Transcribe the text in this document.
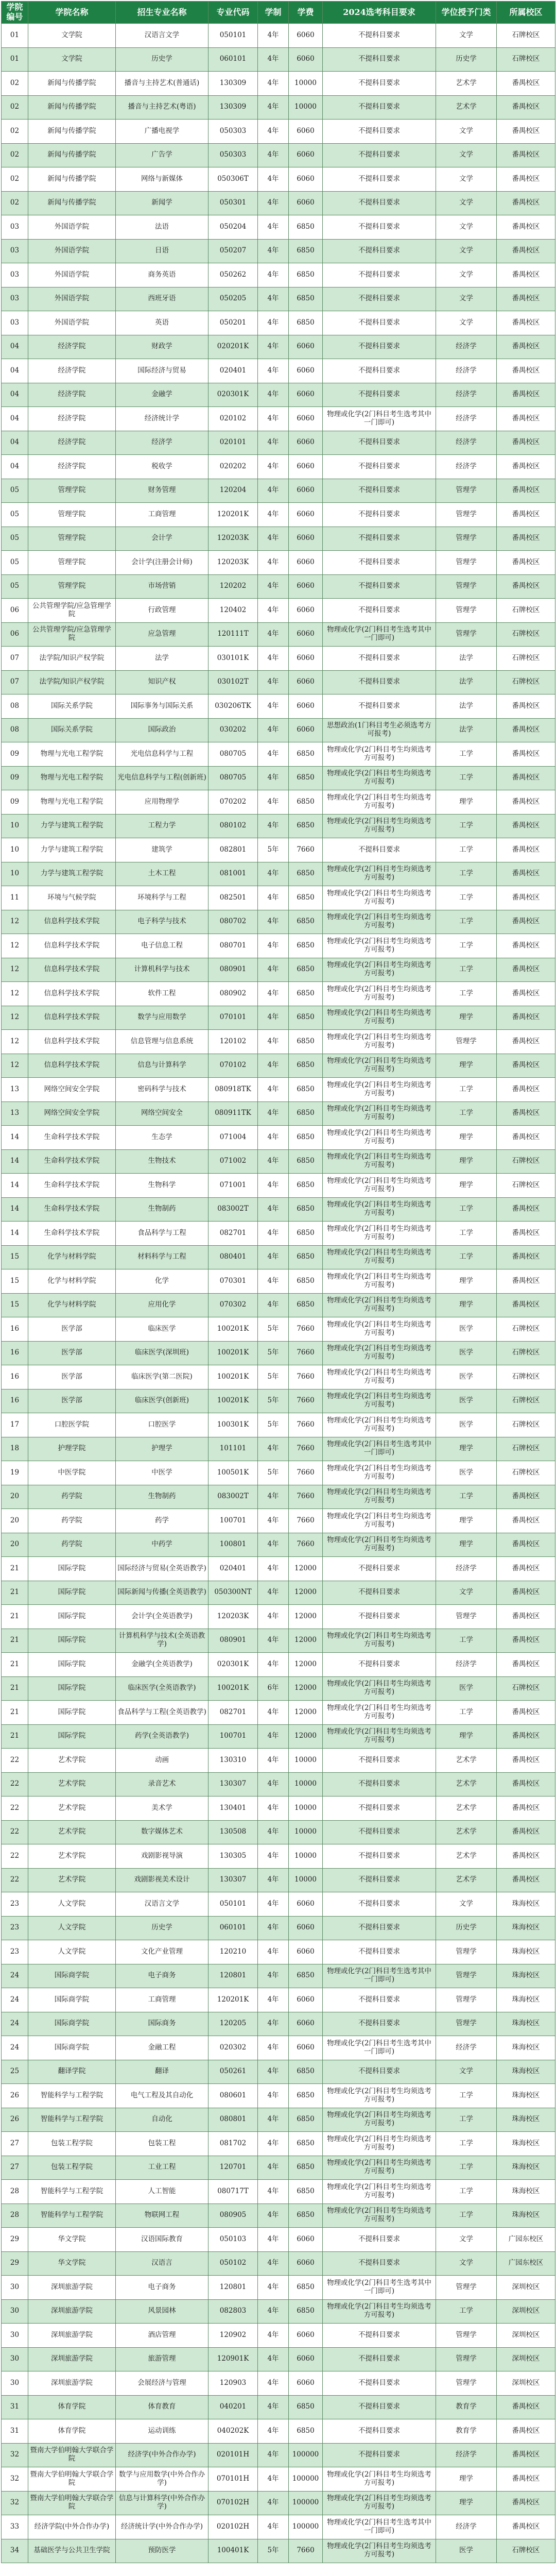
学院编号	学院名称	招生专业名称	专业代码	学制	学费	2024选考科目要求	学位授予门类	所属校区
01	文学院	汉语言文学	050101	4年	6060	不提科目要求	文学	石牌校区
01	文学院	历史学	060101	4年	6060	不提科目要求	历史学	石牌校区
02	新闻与传播学院	播音与主持艺术(普通话)	130309	4年	10000	不提科目要求	艺术学	番禺校区
02	新闻与传播学院	播音与主持艺术(粤语)	130309	4年	10000	不提科目要求	艺术学	番禺校区
02	新闻与传播学院	广播电视学	050303	4年	6060	不提科目要求	文学	番禺校区
02	新闻与传播学院	广告学	050303	4年	6060	不提科目要求	文学	番禺校区
02	新闻与传播学院	网络与新媒体	050306T	4年	6060	不提科目要求	文学	番禺校区
02	新闻与传播学院	新闻学	050301	4年	6060	不提科目要求	文学	番禺校区
03	外国语学院	法语	050204	4年	6850	不提科目要求	文学	番禺校区
03	外国语学院	日语	050207	4年	6850	不提科目要求	文学	番禺校区
03	外国语学院	商务英语	050262	4年	6850	不提科目要求	文学	番禺校区
03	外国语学院	西班牙语	050205	4年	6850	不提科目要求	文学	番禺校区
03	外国语学院	英语	050201	4年	6850	不提科目要求	文学	番禺校区
04	经济学院	财政学	020201K	4年	6060	不提科目要求	经济学	番禺校区
04	经济学院	国际经济与贸易	020401	4年	6060	不提科目要求	经济学	番禺校区
04	经济学院	金融学	020301K	4年	6060	不提科目要求	经济学	番禺校区
04	经济学院	经济统计学	020102	4年	6060	物理或化学(2门科目考生选考其中一门即可)	经济学	番禺校区
04	经济学院	经济学	020101	4年	6060	不提科目要求	经济学	番禺校区
04	经济学院	税收学	020202	4年	6060	不提科目要求	经济学	番禺校区
05	管理学院	财务管理	120204	4年	6060	不提科目要求	管理学	番禺校区
05	管理学院	工商管理	120201K	4年	6060	不提科目要求	管理学	番禺校区
05	管理学院	会计学	120203K	4年	6060	不提科目要求	管理学	番禺校区
05	管理学院	会计学(注册会计师)	120203K	4年	6060	不提科目要求	管理学	番禺校区
05	管理学院	市场营销	120202	4年	6060	不提科目要求	管理学	番禺校区
06	公共管理学院/应急管理学院	行政管理	120402	4年	6060	不提科目要求	管理学	石牌校区
06	公共管理学院/应急管理学院	应急管理	120111T	4年	6060	物理或化学(2门科目考生选考其中一门即可)	管理学	石牌校区
07	法学院/知识产权学院	法学	030101K	4年	6060	不提科目要求	法学	石牌校区
07	法学院/知识产权学院	知识产权	030102T	4年	6060	不提科目要求	法学	石牌校区
08	国际关系学院	国际事务与国际关系	030206TK	4年	6060	不提科目要求	法学	番禺校区
08	国际关系学院	国际政治	030202	4年	6060	思想政治(1门科目考生必须选考方可报考)	法学	番禺校区
09	物理与光电工程学院	光电信息科学与工程	080705	4年	6850	物理或化学(2门科目考生均须选考方可报考)	工学	番禺校区
09	物理与光电工程学院	光电信息科学与工程(创新班)	080705	4年	6850	物理或化学(2门科目考生均须选考方可报考)	工学	番禺校区
09	物理与光电工程学院	应用物理学	070202	4年	6850	物理或化学(2门科目考生均须选考方可报考)	理学	番禺校区
10	力学与建筑工程学院	工程力学	080102	4年	6850	物理或化学(2门科目考生均须选考方可报考)	工学	番禺校区
10	力学与建筑工程学院	建筑学	082801	5年	7660	不提科目要求	工学	番禺校区
10	力学与建筑工程学院	土木工程	081001	4年	6850	物理或化学(2门科目考生均须选考方可报考)	工学	番禺校区
11	环境与气候学院	环境科学与工程	082501	4年	6850	物理或化学(2门科目考生均须选考方可报考)	工学	番禺校区
12	信息科学技术学院	电子科学与技术	080702	4年	6850	物理或化学(2门科目考生均须选考方可报考)	工学	番禺校区
12	信息科学技术学院	电子信息工程	080701	4年	6850	物理或化学(2门科目考生均须选考方可报考)	工学	番禺校区
12	信息科学技术学院	计算机科学与技术	080901	4年	6850	物理或化学(2门科目考生均须选考方可报考)	工学	番禺校区
12	信息科学技术学院	软件工程	080902	4年	6850	物理或化学(2门科目考生均须选考方可报考)	工学	番禺校区
12	信息科学技术学院	数学与应用数学	070101	4年	6850	物理或化学(2门科目考生均须选考方可报考)	理学	番禺校区
12	信息科学技术学院	信息管理与信息系统	120102	4年	6850	物理或化学(2门科目考生均须选考方可报考)	管理学	番禺校区
12	信息科学技术学院	信息与计算科学	070102	4年	6850	物理或化学(2门科目考生均须选考方可报考)	理学	番禺校区
13	网络空间安全学院	密码科学与技术	080918TK	4年	6850	物理或化学(2门科目考生均须选考方可报考)	工学	番禺校区
13	网络空间安全学院	网络空间安全	080911TK	4年	6850	物理或化学(2门科目考生均须选考方可报考)	工学	番禺校区
14	生命科学技术学院	生态学	071004	4年	6850	物理或化学(2门科目考生均须选考方可报考)	理学	番禺校区
14	生命科学技术学院	生物技术	071002	4年	6850	物理或化学(2门科目考生均须选考方可报考)	理学	石牌校区
14	生命科学技术学院	生物科学	071001	4年	6850	物理或化学(2门科目考生均须选考方可报考)	理学	石牌校区
14	生命科学技术学院	生物制药	083002T	4年	6850	物理或化学(2门科目考生均须选考方可报考)	工学	番禺校区
14	生命科学技术学院	食品科学与工程	082701	4年	6850	物理或化学(2门科目考生均须选考方可报考)	工学	番禺校区
15	化学与材料学院	材料科学与工程	080401	4年	6850	物理或化学(2门科目考生均须选考方可报考)	工学	番禺校区
15	化学与材料学院	化学	070301	4年	6850	物理或化学(2门科目考生均须选考方可报考)	理学	番禺校区
15	化学与材料学院	应用化学	070302	4年	6850	物理或化学(2门科目考生均须选考方可报考)	理学	番禺校区
16	医学部	临床医学	100201K	5年	7660	物理或化学(2门科目考生均须选考方可报考)	医学	石牌校区
16	医学部	临床医学(深圳班)	100201K	5年	7660	物理或化学(2门科目考生均须选考方可报考)	医学	石牌校区
16	医学部	临床医学(第二医院)	100201K	5年	7660	物理或化学(2门科目考生均须选考方可报考)	医学	石牌校区
16	医学部	临床医学(创新班)	100201K	5年	7660	物理或化学(2门科目考生均须选考方可报考)	医学	石牌校区
17	口腔医学院	口腔医学	100301K	5年	7660	物理或化学(2门科目考生均须选考方可报考)	医学	石牌校区
18	护理学院	护理学	101101	4年	7660	物理或化学(2门科目考生选考其中一门即可)	理学	石牌校区
19	中医学院	中医学	100501K	5年	7660	物理或化学(2门科目考生均须选考方可报考)	医学	石牌校区
20	药学院	生物制药	083002T	4年	7660	物理或化学(2门科目考生均须选考方可报考)	工学	番禺校区
20	药学院	药学	100701	4年	7660	物理或化学(2门科目考生均须选考方可报考)	理学	番禺校区
20	药学院	中药学	100801	4年	7660	物理或化学(2门科目考生均须选考方可报考)	理学	番禺校区
21	国际学院	国际经济与贸易(全英语教学)	020401	4年	12000	不提科目要求	经济学	番禺校区
21	国际学院	国际新闻与传播(全英语教学)	050300NT	4年	12000	不提科目要求	文学	番禺校区
21	国际学院	会计学(全英语教学)	120203K	4年	12000	不提科目要求	管理学	番禺校区
21	国际学院	计算机科学与技术(全英语教学)	080901	4年	12000	物理或化学(2门科目考生均须选考方可报考)	工学	番禺校区
21	国际学院	金融学(全英语教学)	020301K	4年	12000	不提科目要求	经济学	番禺校区
21	国际学院	临床医学(全英语教学)	100201K	6年	12000	物理或化学(2门科目考生均须选考方可报考)	医学	石牌校区
21	国际学院	食品科学与工程(全英语教学)	082701	4年	12000	物理或化学(2门科目考生均须选考方可报考)	工学	番禺校区
21	国际学院	药学(全英语教学)	100701	4年	12000	物理或化学(2门科目考生均须选考方可报考)	理学	番禺校区
22	艺术学院	动画	130310	4年	10000	不提科目要求	艺术学	番禺校区
22	艺术学院	录音艺术	130307	4年	10000	不提科目要求	艺术学	番禺校区
22	艺术学院	美术学	130401	4年	10000	不提科目要求	艺术学	番禺校区
22	艺术学院	数字媒体艺术	130508	4年	10000	不提科目要求	艺术学	番禺校区
22	艺术学院	戏剧影视导演	130305	4年	10000	不提科目要求	艺术学	番禺校区
22	艺术学院	戏剧影视美术设计	130307	4年	10000	不提科目要求	艺术学	番禺校区
23	人文学院	汉语言文学	050101	4年	6060	不提科目要求	文学	珠海校区
23	人文学院	历史学	060101	4年	6060	不提科目要求	历史学	珠海校区
23	人文学院	文化产业管理	120210	4年	6060	不提科目要求	管理学	珠海校区
24	国际商学院	电子商务	120801	4年	6850	物理或化学(2门科目考生选考其中一门即可)	管理学	珠海校区
24	国际商学院	工商管理	120201K	4年	6060	不提科目要求	管理学	珠海校区
24	国际商学院	国际商务	120205	4年	6060	不提科目要求	管理学	珠海校区
24	国际商学院	金融工程	020302	4年	6060	物理或化学(2门科目考生选考其中一门即可)	经济学	珠海校区
25	翻译学院	翻译	050261	4年	6850	不提科目要求	文学	珠海校区
26	智能科学与工程学院	电气工程及其自动化	080601	4年	6850	物理或化学(2门科目考生均须选考方可报考)	工学	珠海校区
26	智能科学与工程学院	自动化	080801	4年	6850	物理或化学(2门科目考生均须选考方可报考)	工学	珠海校区
27	包装工程学院	包装工程	081702	4年	6850	物理或化学(2门科目考生均须选考方可报考)	工学	珠海校区
27	包装工程学院	工业工程	120701	4年	6850	物理或化学(2门科目考生均须选考方可报考)	工学	珠海校区
28	智能科学与工程学院	人工智能	080717T	4年	6850	物理或化学(2门科目考生均须选考方可报考)	工学	珠海校区
28	智能科学与工程学院	物联网工程	080905	4年	6850	物理或化学(2门科目考生均须选考方可报考)	工学	珠海校区
29	华文学院	汉语国际教育	050103	4年	6060	不提科目要求	文学	广园东校区
29	华文学院	汉语言	050102	4年	6060	不提科目要求	文学	广园东校区
30	深圳旅游学院	电子商务	120801	4年	6850	物理或化学(2门科目考生选考其中一门即可)	管理学	深圳校区
30	深圳旅游学院	风景园林	082803	4年	6850	物理或化学(2门科目考生均须选考方可报考)	工学	深圳校区
30	深圳旅游学院	酒店管理	120902	4年	6060	不提科目要求	管理学	深圳校区
30	深圳旅游学院	旅游管理	120901K	4年	6060	不提科目要求	管理学	深圳校区
30	深圳旅游学院	会展经济与管理	120903	4年	6060	不提科目要求	管理学	深圳校区
31	体育学院	体育教育	040201	4年	6850	不提科目要求	教育学	番禺校区
31	体育学院	运动训练	040202K	4年	6850	不提科目要求	教育学	番禺校区
32	暨南大学伯明翰大学联合学院	经济学(中外合作办学)	020101H	4年	100000	不提科目要求	经济学	番禺校区
32	暨南大学伯明翰大学联合学院	数学与应用数学(中外合作办学)	070101H	4年	100000	物理或化学(2门科目考生均须选考方可报考)	理学	番禺校区
32	暨南大学伯明翰大学联合学院	信息与计算科学(中外合作办学)	070102H	4年	100000	物理或化学(2门科目考生均须选考方可报考)	理学	番禺校区
33	经济学院(中外合作办学)	经济统计学(中外合作办学)	020102H	4年	100000	物理或化学(2门科目考生选考其中一门即可)	经济学	番禺校区
34	基础医学与公共卫生学院	预防医学	100401K	5年	7660	物理或化学(2门科目考生均须选考方可报考)	医学	石牌校区
